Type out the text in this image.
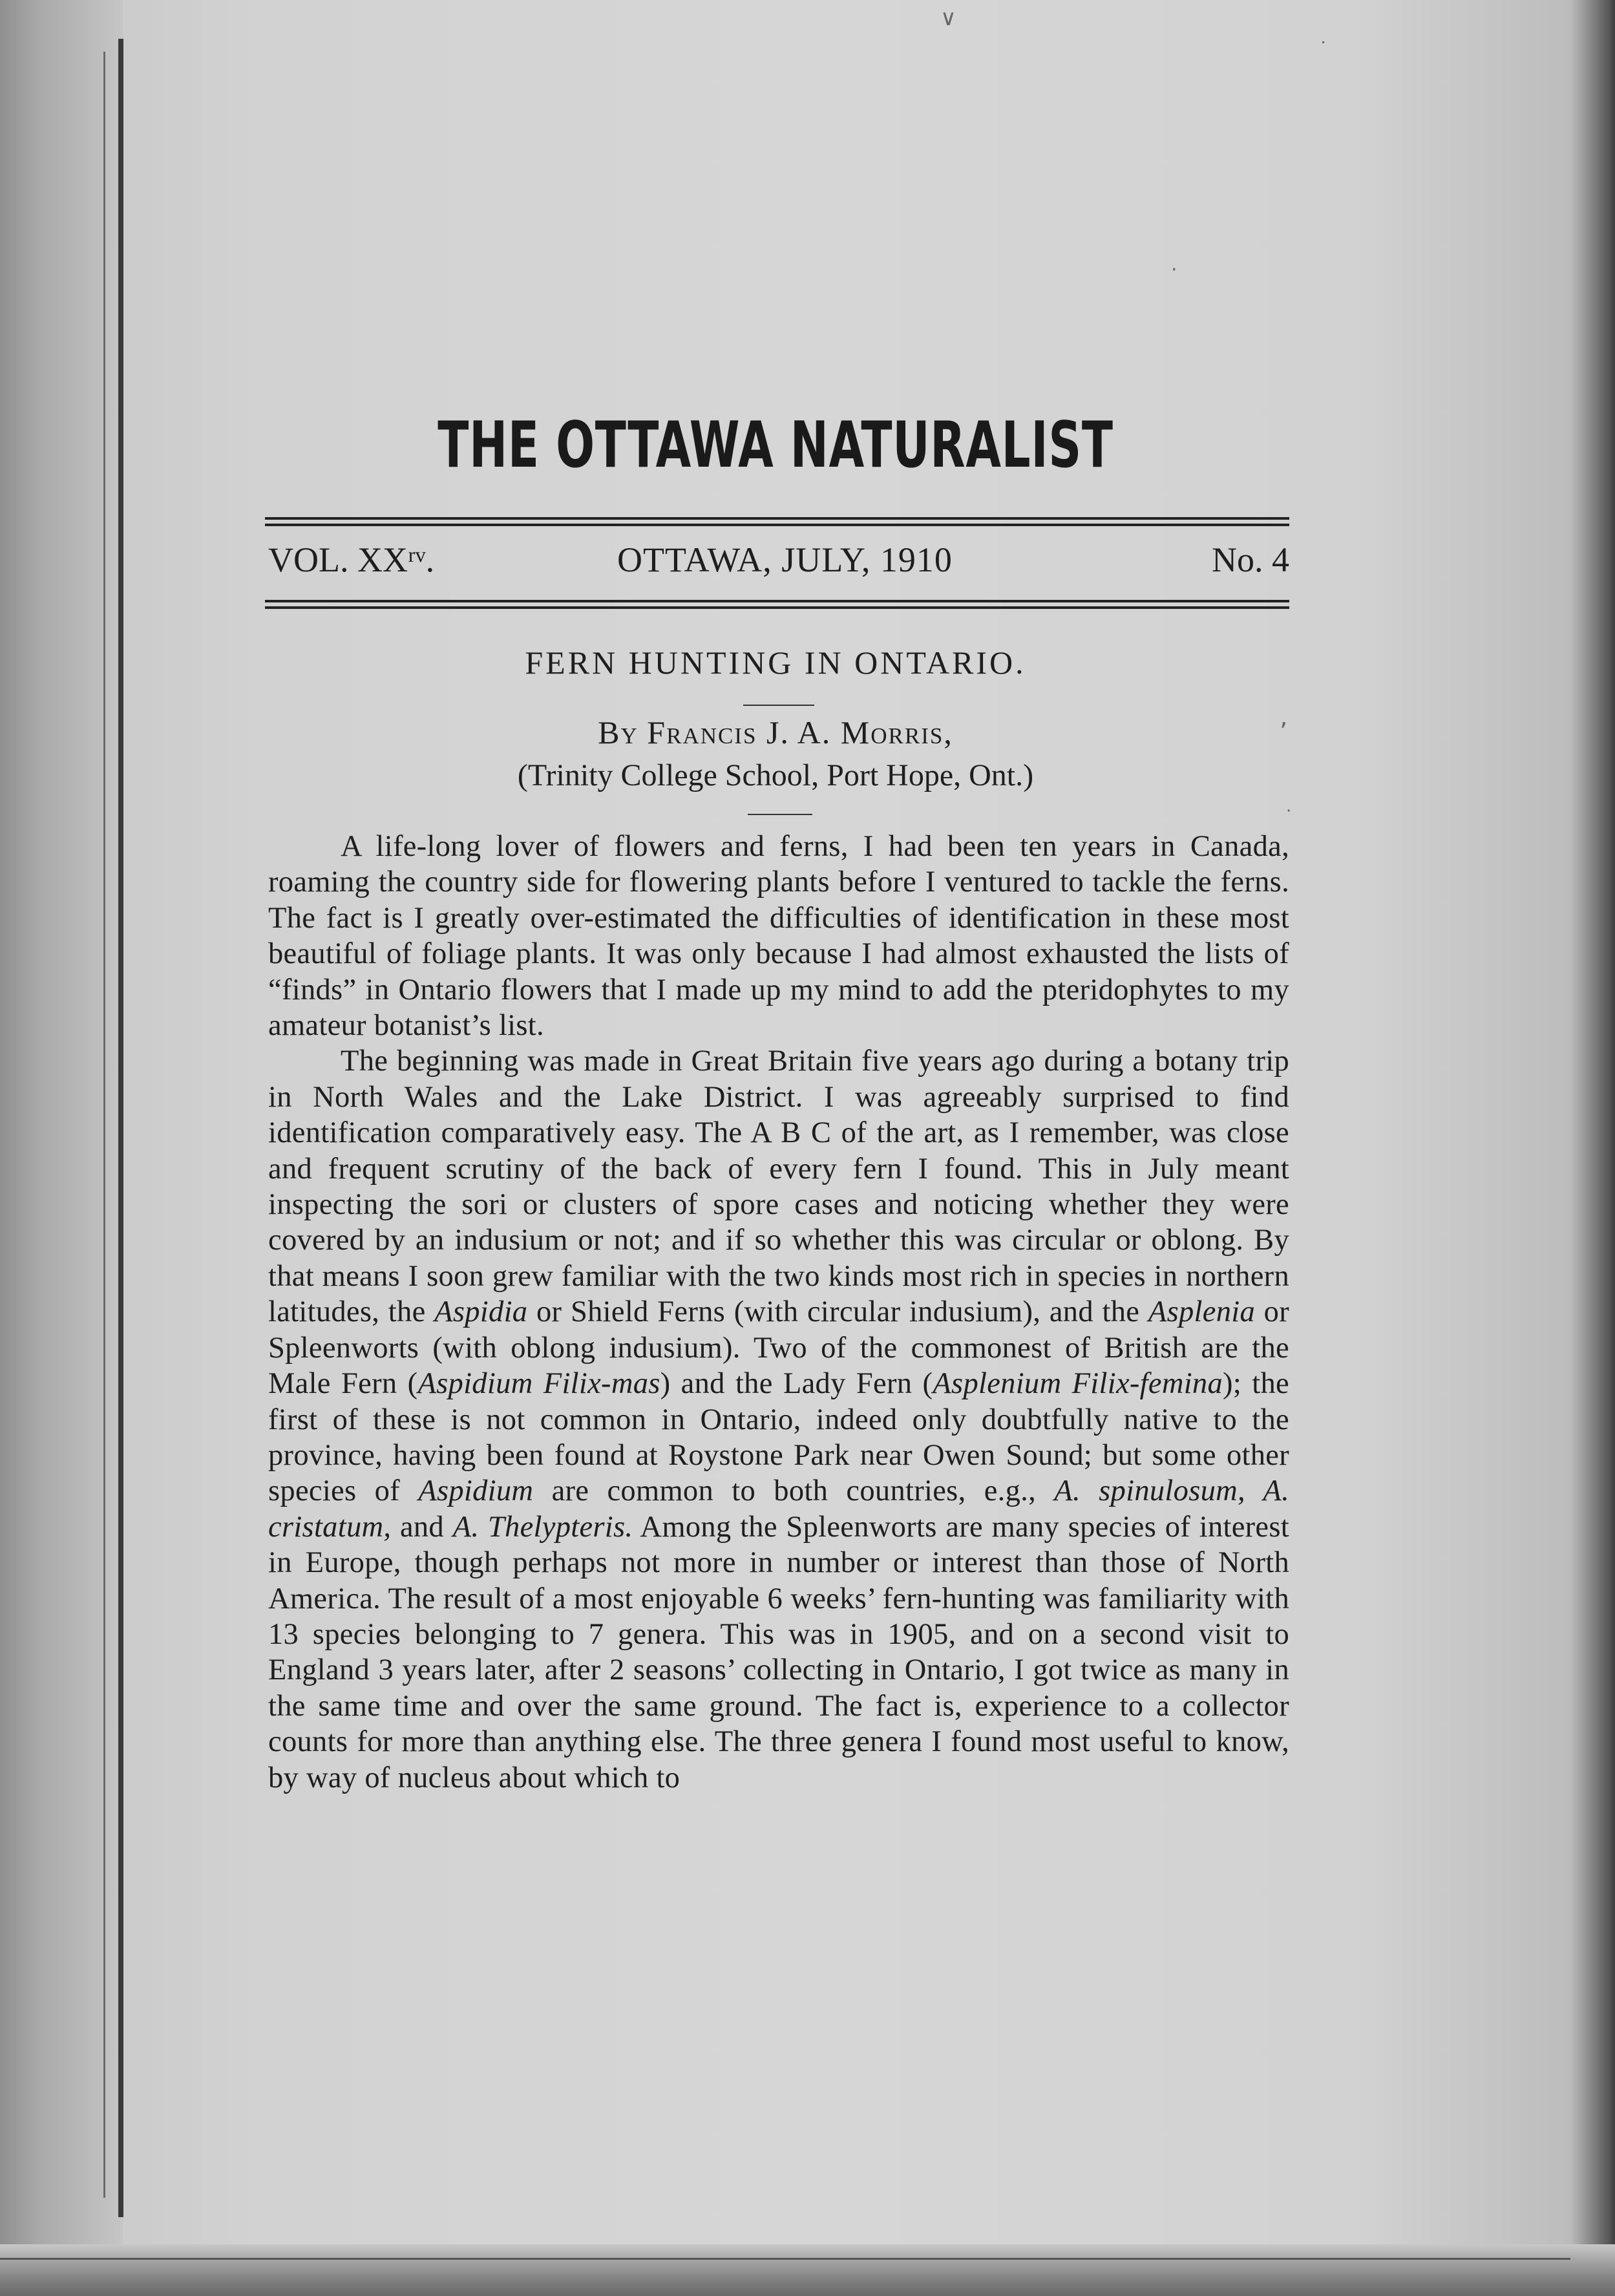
∨
˙
·
’
·
THE OTTAWA NATURALIST
VOL. XXʳᵛ.	OTTAWA, JULY, 1910	No. 4
FERN HUNTING IN ONTARIO.
By Francis J. A. Morris,
(Trinity College School, Port Hope, Ont.)

A life-long lover of flowers and ferns, I had been ten years in Canada, roaming the country side for flowering plants before I ventured to tackle the ferns. The fact is I greatly over-estimated the difficulties of identification in these most beautiful of foliage plants. It was only because I had almost exhausted the lists of “finds” in Ontario flowers that I made up my mind to add the pteridophytes to my amateur botanist’s list.

The beginning was made in Great Britain five years ago during a botany trip in North Wales and the Lake District. I was agreeably surprised to find identification comparatively easy. The A B C of the art, as I remember, was close and frequent scrutiny of the back of every fern I found. This in July meant inspecting the sori or clusters of spore cases and noticing whether they were covered by an indusium or not; and if so whether this was circular or oblong. By that means I soon grew familiar with the two kinds most rich in species in northern latitudes, the Aspidia or Shield Ferns (with circular indusium), and the Asplenia or Spleenworts (with oblong indusium). Two of the commonest of British are the Male Fern (Aspidium Filix-mas) and the Lady Fern (Asplenium Filix-femina); the first of these is not common in Ontario, indeed only doubtfully native to the province, having been found at Roystone Park near Owen Sound; but some other species of Aspidium are common to both countries, e.g., A. spinulosum, A. cristatum, and A. Thelypteris. Among the Spleenworts are many species of interest in Europe, though perhaps not more in number or interest than those of North America. The result of a most enjoyable 6 weeks’ fern-hunting was familiarity with 13 species belonging to 7 genera. This was in 1905, and on a second visit to England 3 years later, after 2 seasons’ collecting in Ontario, I got twice as many in the same time and over the same ground. The fact is, experience to a collector counts for more than anything else. The three genera I found most useful to know, by way of nucleus about which to
